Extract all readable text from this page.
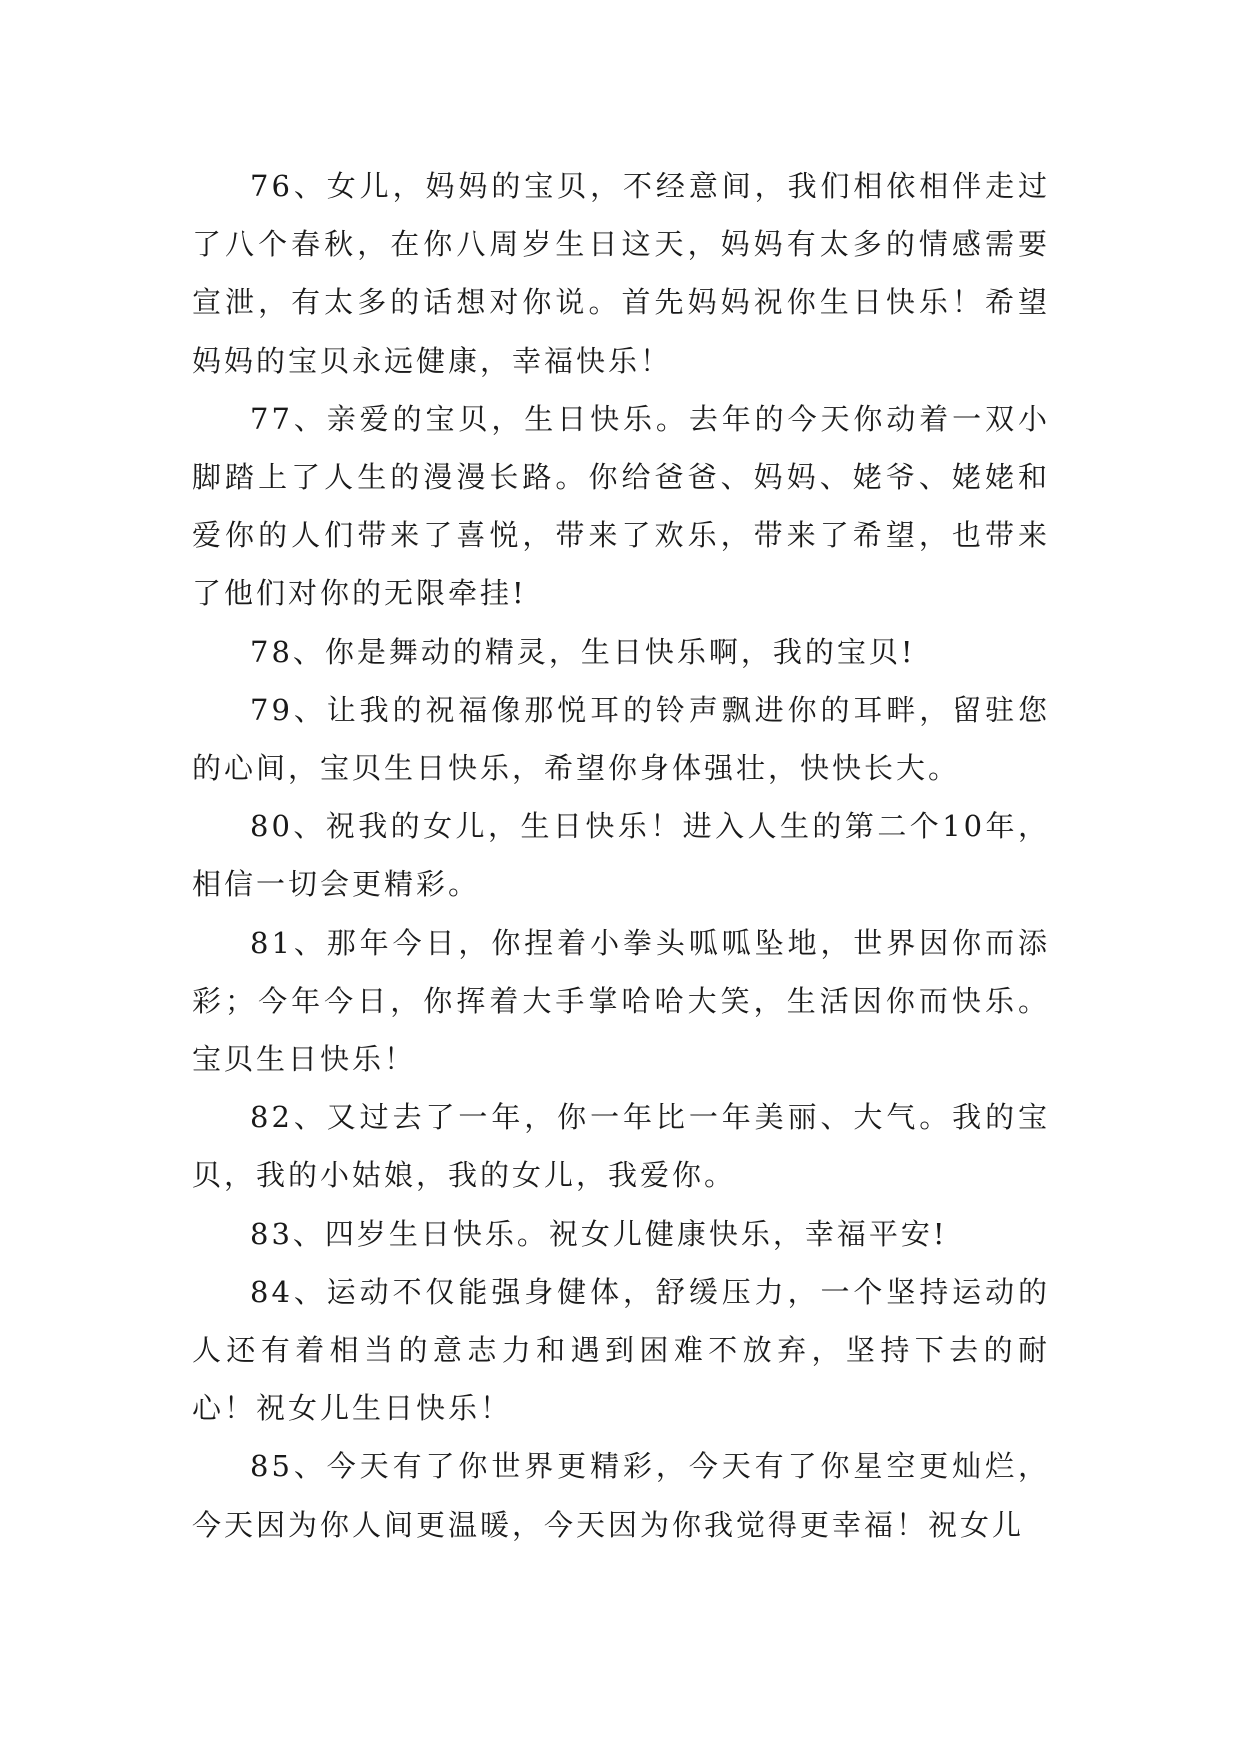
76、女儿，妈妈的宝贝，不经意间，我们相依相伴走过了八个春秋，在你八周岁生日这天，妈妈有太多的情感需要宣泄，有太多的话想对你说。首先妈妈祝你生日快乐！希望妈妈的宝贝永远健康，幸福快乐！

77、亲爱的宝贝，生日快乐。去年的今天你动着一双小脚踏上了人生的漫漫长路。你给爸爸、妈妈、姥爷、姥姥和爱你的人们带来了喜悦，带来了欢乐，带来了希望，也带来了他们对你的无限牵挂!

78、你是舞动的精灵，生日快乐啊，我的宝贝!

79、让我的祝福像那悦耳的铃声飘进你的耳畔，留驻您的心间，宝贝生日快乐，希望你身体强壮，快快长大。

80、祝我的女儿，生日快乐！进入人生的第二个10年，相信一切会更精彩。

81、那年今日，你捏着小拳头呱呱坠地，世界因你而添彩；今年今日，你挥着大手掌哈哈大笑，生活因你而快乐。宝贝生日快乐！

82、又过去了一年，你一年比一年美丽、大气。我的宝贝，我的小姑娘，我的女儿，我爱你。

83、四岁生日快乐。祝女儿健康快乐，幸福平安!

84、运动不仅能强身健体，舒缓压力，一个坚持运动的人还有着相当的意志力和遇到困难不放弃，坚持下去的耐心！祝女儿生日快乐！

85、今天有了你世界更精彩，今天有了你星空更灿烂，今天因为你人间更温暖，今天因为你我觉得更幸福！祝女儿
